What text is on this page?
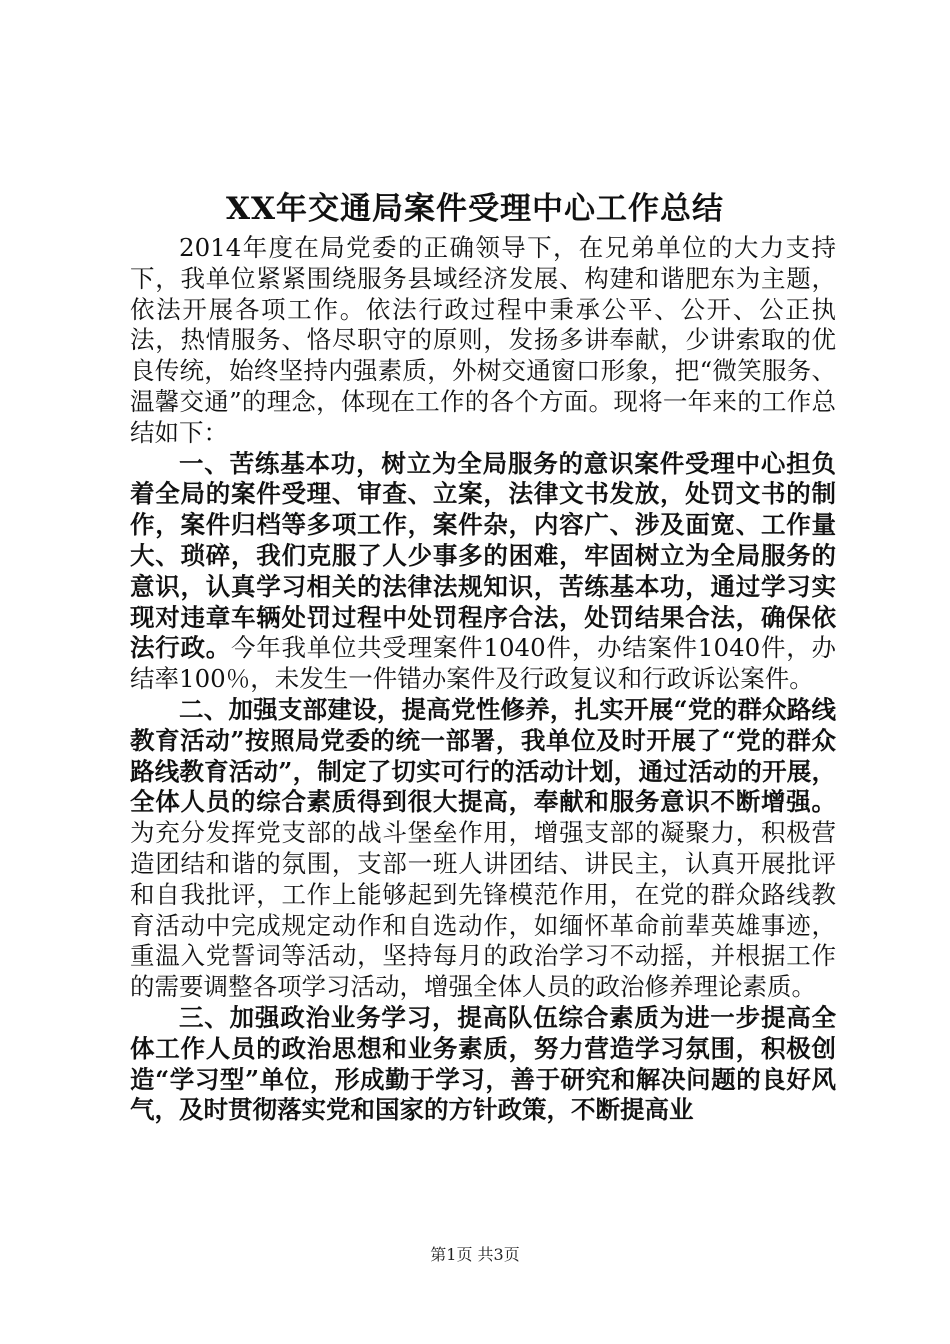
XX年交通局案件受理中心工作总结

2014年度在局党委的正确领导下，在兄弟单位的大力支持下，我单位紧紧围绕服务县域经济发展、构建和谐肥东为主题，依法开展各项工作。依法行政过程中秉承公平、公开、公正执法，热情服务、恪尽职守的原则，发扬多讲奉献，少讲索取的优良传统，始终坚持内强素质，外树交通窗口形象，把“微笑服务、温馨交通”的理念，体现在工作的各个方面。现将一年来的工作总结如下：

一、苦练基本功，树立为全局服务的意识案件受理中心担负着全局的案件受理、审查、立案，法律文书发放，处罚文书的制作，案件归档等多项工作，案件杂，内容广、涉及面宽、工作量大、琐碎，我们克服了人少事多的困难，牢固树立为全局服务的意识，认真学习相关的法律法规知识，苦练基本功，通过学习实现对违章车辆处罚过程中处罚程序合法，处罚结果合法，确保依法行政。今年我单位共受理案件1040件，办结案件1040件，办结率100％，未发生一件错办案件及行政复议和行政诉讼案件。

二、加强支部建设，提高党性修养，扎实开展“党的群众路线教育活动”按照局党委的统一部署，我单位及时开展了“党的群众路线教育活动”，制定了切实可行的活动计划，通过活动的开展，全体人员的综合素质得到很大提高，奉献和服务意识不断增强。为充分发挥党支部的战斗堡垒作用，增强支部的凝聚力，积极营造团结和谐的氛围，支部一班人讲团结、讲民主，认真开展批评和自我批评，工作上能够起到先锋模范作用，在党的群众路线教育活动中完成规定动作和自选动作，如缅怀革命前辈英雄事迹，重温入党誓词等活动，坚持每月的政治学习不动摇，并根据工作的需要调整各项学习活动，增强全体人员的政治修养理论素质。

三、加强政治业务学习，提高队伍综合素质为进一步提高全体工作人员的政治思想和业务素质，努力营造学习氛围，积极创造“学习型”单位，形成勤于学习，善于研究和解决问题的良好风气，及时贯彻落实党和国家的方针政策，不断提高业

第1页 共3页
